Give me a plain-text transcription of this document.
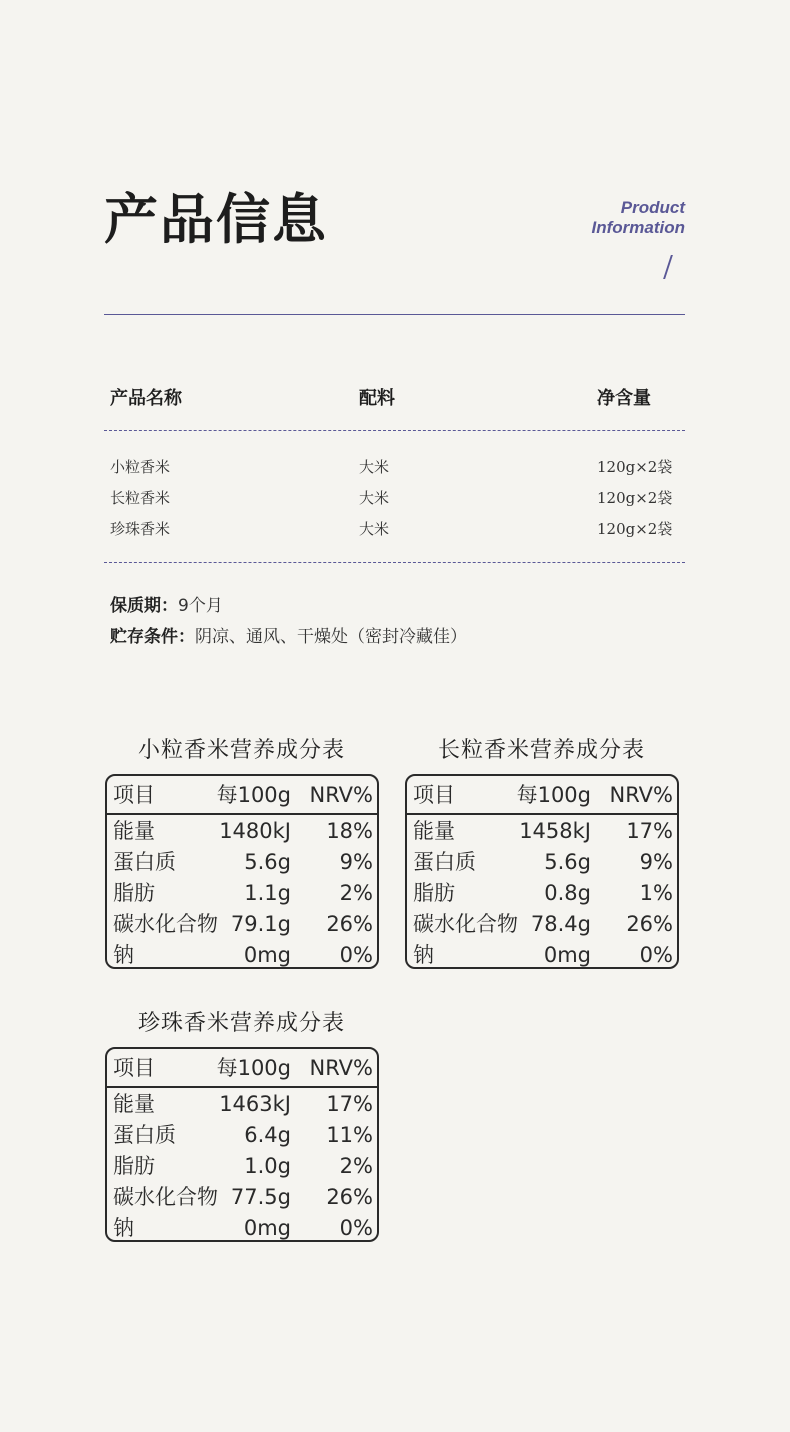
产品信息	Product
Information
产品名称	配料	净含量
小粒香米	大米	120g×2袋
长粒香米	大米	120g×2袋
珍珠香米	大米	120g×2袋
保质期：9个月
贮存条件：阴凉、通风、干燥处（密封冷藏佳）
小粒香米营养成分表
项目	每100g NRV%
能量	1480kJ 18%
蛋白质	5.6g 9%
脂肪	1.1g 2%
碳水化合物 79.1g 26%
钠	0mg 0%
长粒香米营养成分表
项目	每100g NRV%
能量	1458kJ 17%
蛋白质	5.6g 9%
脂肪	0.8g 1%
碳水化合物 78.4g 26%
钠	0mg 0%
珍珠香米营养成分表
项目	每100g NRV%
能量	1463kJ 17%
蛋白质	6.4g 11%
脂肪	1.0g 2%
碳水化合物 77.5g 26%
钠	0mg 0%
